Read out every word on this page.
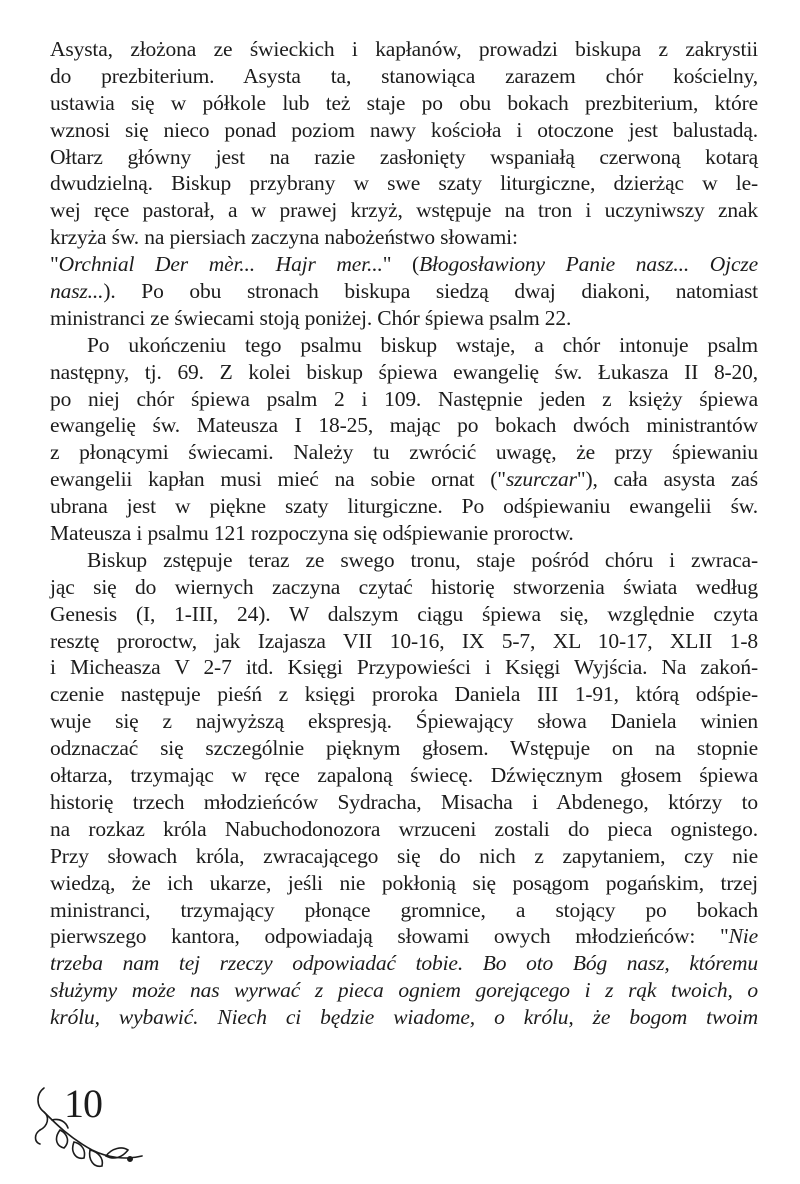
Asysta, złożona ze świeckich i kapłanów, prowadzi biskupa z zakrystii
do prezbiterium. Asysta ta, stanowiąca zarazem chór kościelny,
ustawia się w półkole lub też staje po obu bokach prezbiterium, które
wznosi się nieco ponad poziom nawy kościoła i otoczone jest balustadą.
Ołtarz główny jest na razie zasłonięty wspaniałą czerwoną kotarą
dwudzielną. Biskup przybrany w swe szaty liturgiczne, dzierżąc w le-
wej ręce pastorał, a w prawej krzyż, wstępuje na tron i uczyniwszy znak
krzyża św. na piersiach zaczyna nabożeństwo słowami:
"Orchnial Der mèr... Hajr mer..." (Błogosławiony Panie nasz... Ojcze
nasz...). Po obu stronach biskupa siedzą dwaj diakoni, natomiast
ministranci ze świecami stoją poniżej. Chór śpiewa psalm 22.
Po ukończeniu tego psalmu biskup wstaje, a chór intonuje psalm
następny, tj. 69. Z kolei biskup śpiewa ewangelię św. Łukasza II 8-20,
po niej chór śpiewa psalm 2 i 109. Następnie jeden z księży śpiewa
ewangelię św. Mateusza I 18-25, mając po bokach dwóch ministrantów
z płonącymi świecami. Należy tu zwrócić uwagę, że przy śpiewaniu
ewangelii kapłan musi mieć na sobie ornat ("szurczar"), cała asysta zaś
ubrana jest w piękne szaty liturgiczne. Po odśpiewaniu ewangelii św.
Mateusza i psalmu 121 rozpoczyna się odśpiewanie proroctw.
Biskup zstępuje teraz ze swego tronu, staje pośród chóru i zwraca-
jąc się do wiernych zaczyna czytać historię stworzenia świata według
Genesis (I, 1-III, 24). W dalszym ciągu śpiewa się, względnie czyta
resztę proroctw, jak Izajasza VII 10-16, IX 5-7, XL 10-17, XLII 1-8
i Micheasza V 2-7 itd. Księgi Przypowieści i Księgi Wyjścia. Na zakoń-
czenie następuje pieśń z księgi proroka Daniela III 1-91, którą odśpie-
wuje się z najwyższą ekspresją. Śpiewający słowa Daniela winien
odznaczać się szczególnie pięknym głosem. Wstępuje on na stopnie
ołtarza, trzymając w ręce zapaloną świecę. Dźwięcznym głosem śpiewa
historię trzech młodzieńców Sydracha, Misacha i Abdenego, którzy to
na rozkaz króla Nabuchodonozora wrzuceni zostali do pieca ognistego.
Przy słowach króla, zwracającego się do nich z zapytaniem, czy nie
wiedzą, że ich ukarze, jeśli nie pokłonią się posągom pogańskim, trzej
ministranci, trzymający płonące gromnice, a stojący po bokach
pierwszego kantora, odpowiadają słowami owych młodzieńców: "Nie
trzeba nam tej rzeczy odpowiadać tobie. Bo oto Bóg nasz, któremu
służymy może nas wyrwać z pieca ogniem gorejącego i z rąk twoich, o
królu, wybawić. Niech ci będzie wiadome, o królu, że bogom twoim
10
